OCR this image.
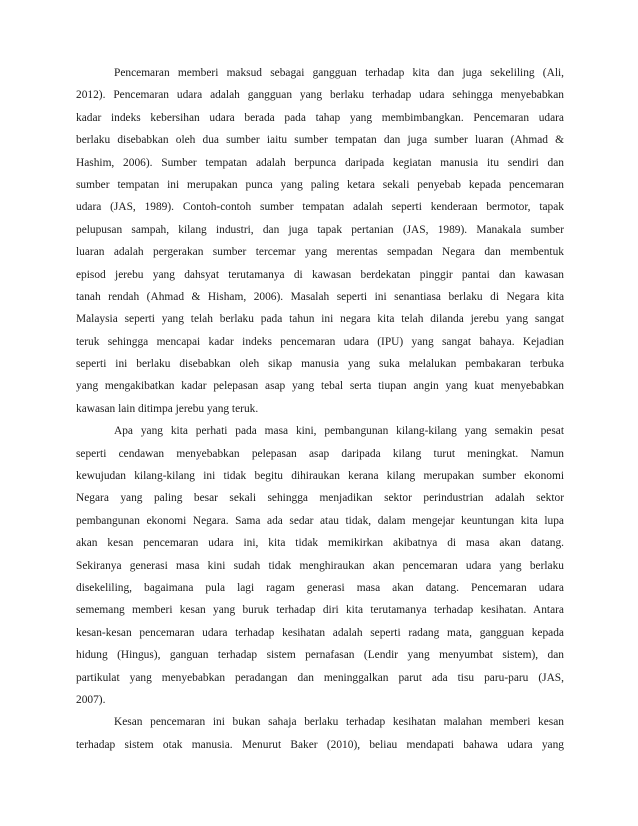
Pencemaran memberi maksud sebagai gangguan terhadap kita dan juga sekeliling (Ali,
2012). Pencemaran udara adalah gangguan yang berlaku terhadap udara sehingga menyebabkan
kadar indeks kebersihan udara berada pada tahap yang membimbangkan. Pencemaran udara
berlaku disebabkan oleh dua sumber iaitu sumber tempatan dan juga sumber luaran (Ahmad &
Hashim, 2006). Sumber tempatan adalah berpunca daripada kegiatan manusia itu sendiri dan
sumber tempatan ini merupakan punca yang paling ketara sekali penyebab kepada pencemaran
udara (JAS, 1989). Contoh-contoh sumber tempatan adalah seperti kenderaan bermotor, tapak
pelupusan sampah, kilang industri, dan juga tapak pertanian (JAS, 1989). Manakala sumber
luaran adalah pergerakan sumber tercemar yang merentas sempadan Negara dan membentuk
episod jerebu yang dahsyat terutamanya di kawasan berdekatan pinggir pantai dan kawasan
tanah rendah (Ahmad & Hisham, 2006). Masalah seperti ini senantiasa berlaku di Negara kita
Malaysia seperti yang telah berlaku pada tahun ini negara kita telah dilanda jerebu yang sangat
teruk sehingga mencapai kadar indeks pencemaran udara (IPU) yang sangat bahaya. Kejadian
seperti ini berlaku disebabkan oleh sikap manusia yang suka melalukan pembakaran terbuka
yang mengakibatkan kadar pelepasan asap yang tebal serta tiupan angin yang kuat menyebabkan
kawasan lain ditimpa jerebu yang teruk.
Apa yang kita perhati pada masa kini, pembangunan kilang-kilang yang semakin pesat
seperti cendawan menyebabkan pelepasan asap daripada kilang turut meningkat. Namun
kewujudan kilang-kilang ini tidak begitu dihiraukan kerana kilang merupakan sumber ekonomi
Negara yang paling besar sekali sehingga menjadikan sektor perindustrian adalah sektor
pembangunan ekonomi Negara. Sama ada sedar atau tidak, dalam mengejar keuntungan kita lupa
akan kesan pencemaran udara ini, kita tidak memikirkan akibatnya di masa akan datang.
Sekiranya generasi masa kini sudah tidak menghiraukan akan pencemaran udara yang berlaku
disekeliling, bagaimana pula lagi ragam generasi masa akan datang. Pencemaran udara
sememang memberi kesan yang buruk terhadap diri kita terutamanya terhadap kesihatan. Antara
kesan-kesan pencemaran udara terhadap kesihatan adalah seperti radang mata, gangguan kepada
hidung (Hingus), ganguan terhadap sistem pernafasan (Lendir yang menyumbat sistem), dan
partikulat yang menyebabkan peradangan dan meninggalkan parut ada tisu paru-paru (JAS,
2007).
Kesan pencemaran ini bukan sahaja berlaku terhadap kesihatan malahan memberi kesan
terhadap sistem otak manusia. Menurut Baker (2010), beliau mendapati bahawa udara yang
